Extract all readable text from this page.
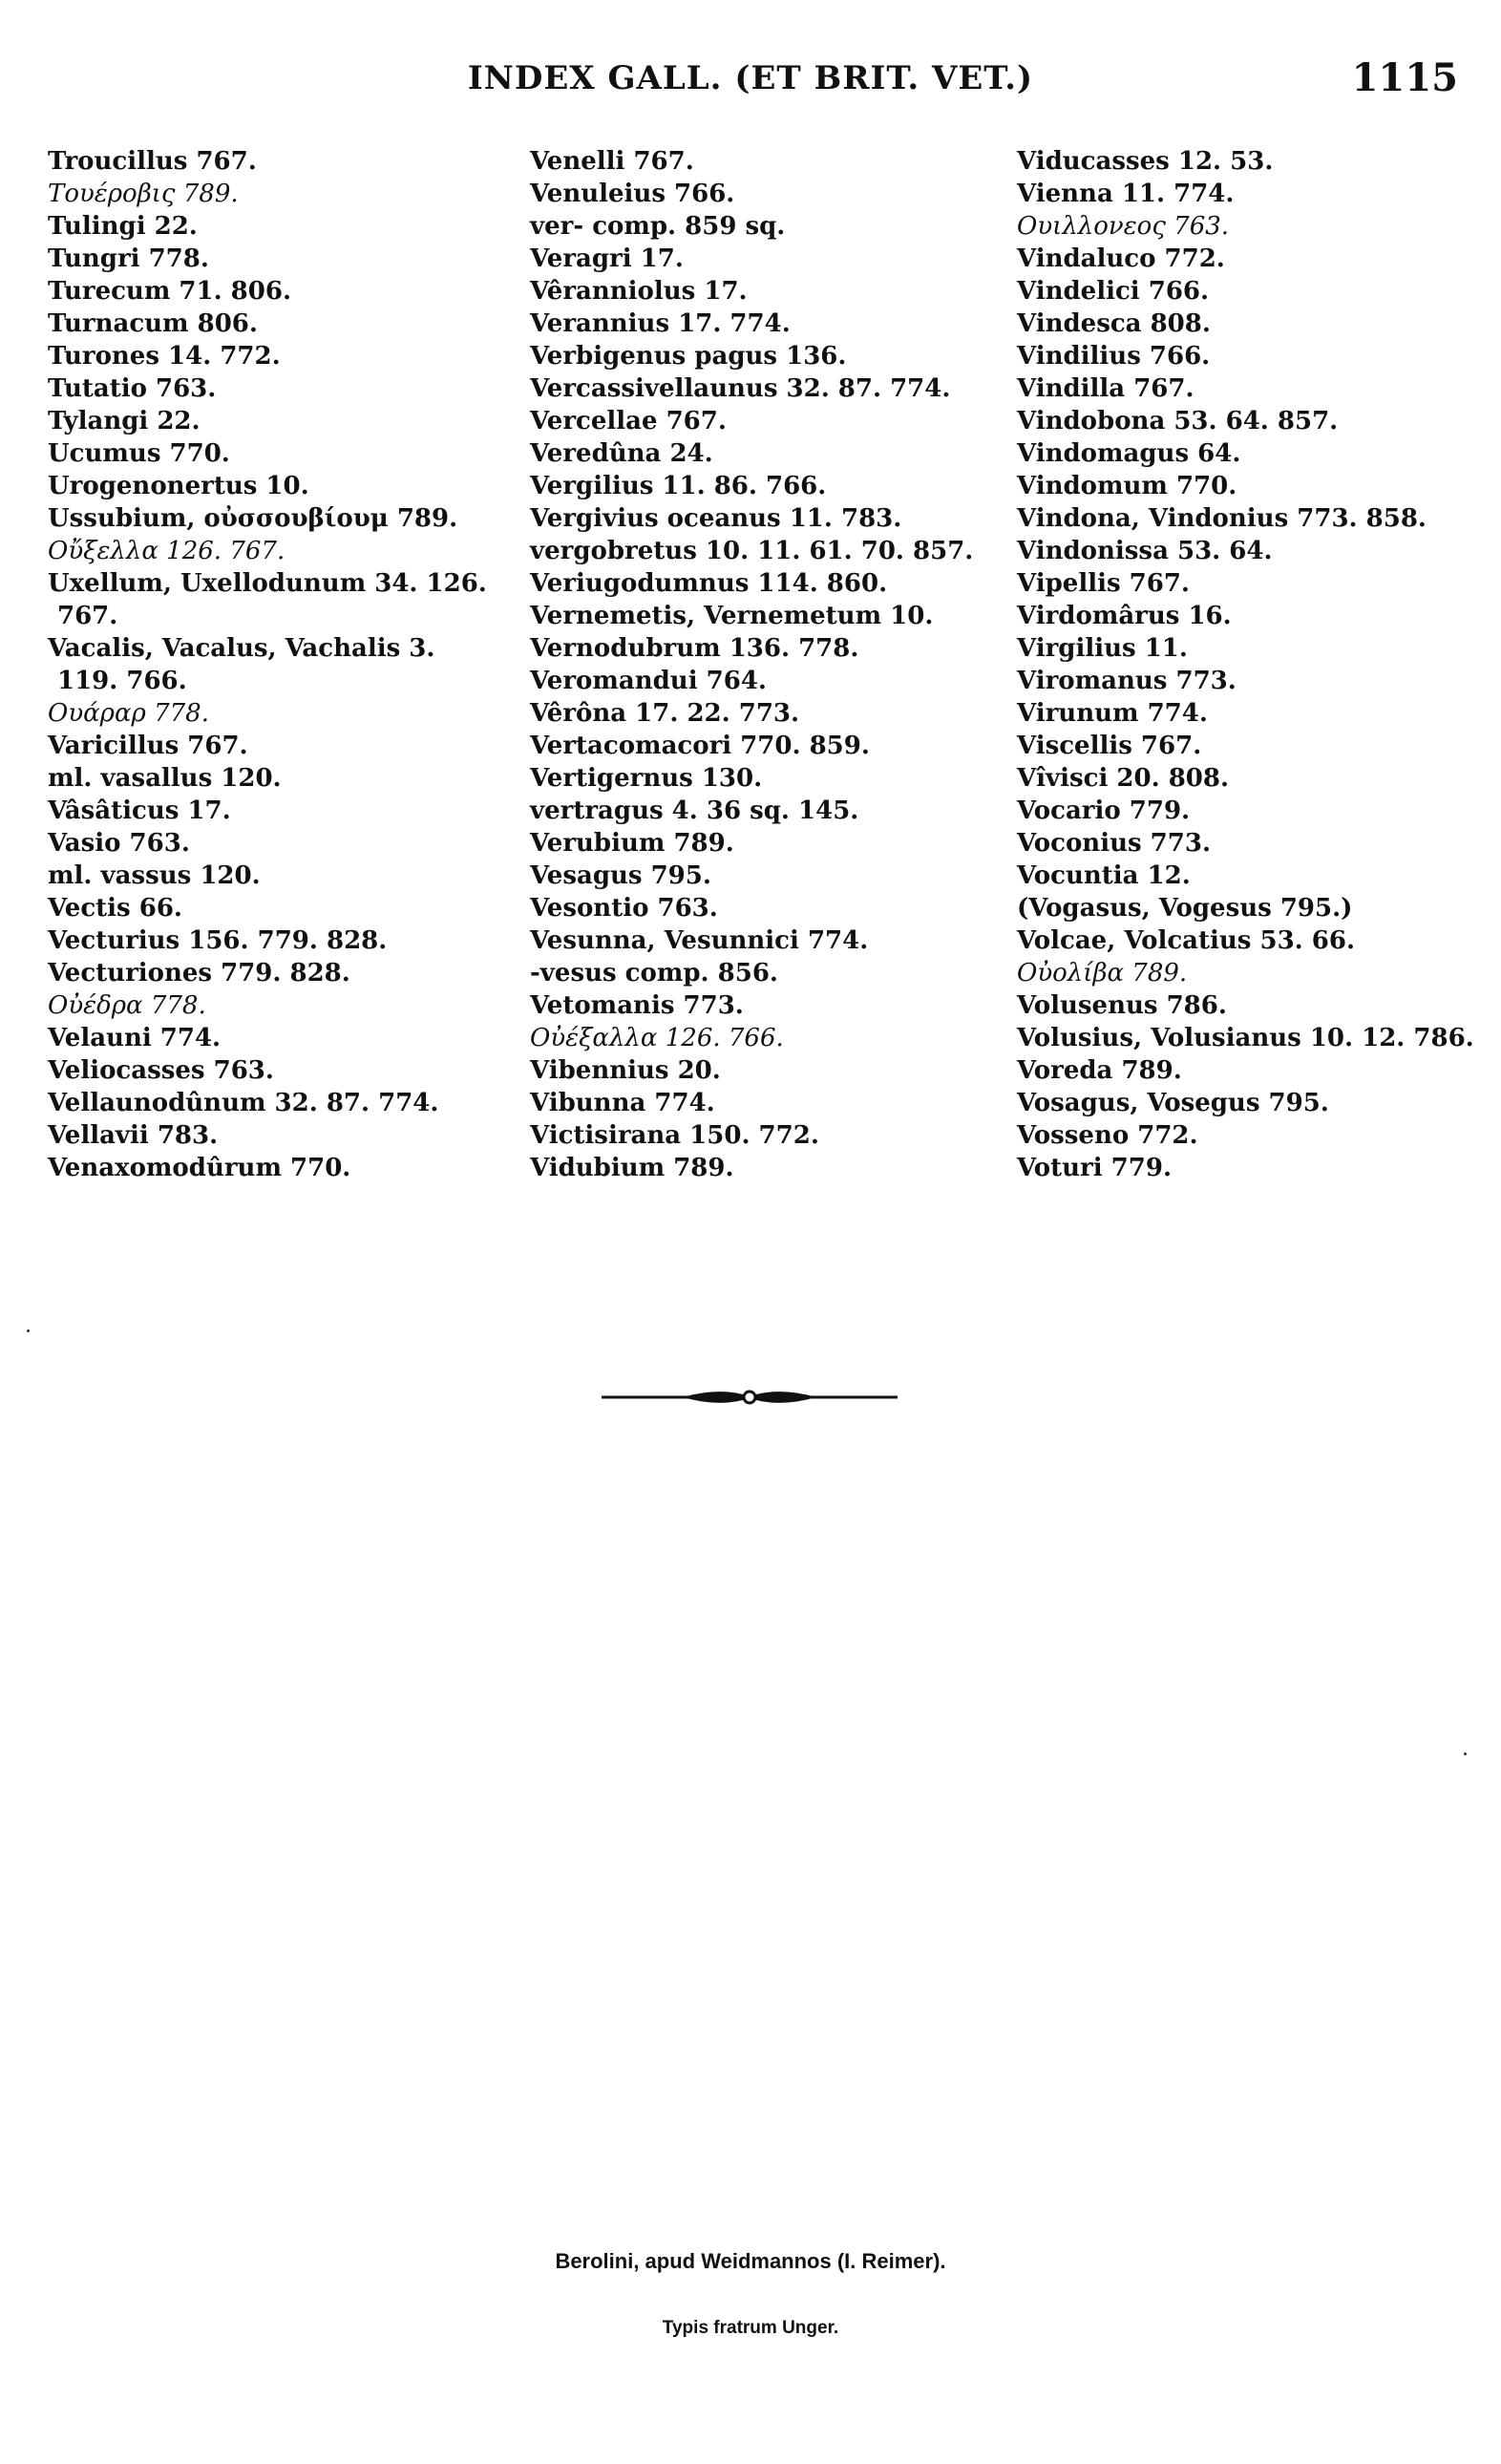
INDEX GALL. (ET BRIT. VET.)	1115
Troucillus 767.
Τουέροβις 789.
Tulingi 22.
Tungri 778.
Turecum 71. 806.
Turnacum 806.
Turones 14. 772.
Tutatio 763.
Tylangi 22.
Ucumus 770.
Urogenonertus 10.
Ussubium, οὐσσουβίουμ 789.
Οὔξελλα 126. 767.
Uxellum, Uxellodunum 34. 126.
767.
Vacalis, Vacalus, Vachalis 3.
119. 766.
Ουάραρ 778.
Varicillus 767.
ml. vasallus 120.
Vâsâticus 17.
Vasio 763.
ml. vassus 120.
Vectis 66.
Vecturius 156. 779. 828.
Vecturiones 779. 828.
Οὐέδρα 778.
Velauni 774.
Veliocasses 763.
Vellaunodûnum 32. 87. 774.
Vellavii 783.
Venaxomodûrum 770.
Venelli 767.
Venuleius 766.
ver- comp. 859 sq.
Veragri 17.
Vêranniolus 17.
Verannius 17. 774.
Verbigenus pagus 136.
Vercassivellaunus 32. 87. 774.
Vercellae 767.
Veredûna 24.
Vergilius 11. 86. 766.
Vergivius oceanus 11. 783.
vergobretus 10. 11. 61. 70. 857.
Veriugodumnus 114. 860.
Vernemetis, Vernemetum 10.
Vernodubrum 136. 778.
Veromandui 764.
Vêrôna 17. 22. 773.
Vertacomacori 770. 859.
Vertigernus 130.
vertragus 4. 36 sq. 145.
Verubium 789.
Vesagus 795.
Vesontio 763.
Vesunna, Vesunnici 774.
-vesus comp. 856.
Vetomanis 773.
Οὐέξαλλα 126. 766.
Vibennius 20.
Vibunna 774.
Victisirana 150. 772.
Vidubium 789.
Viducasses 12. 53.
Vienna 11. 774.
Ουιλλονεος 763.
Vindaluco 772.
Vindelici 766.
Vindesca 808.
Vindilius 766.
Vindilla 767.
Vindobona 53. 64. 857.
Vindomagus 64.
Vindomum 770.
Vindona, Vindonius 773. 858.
Vindonissa 53. 64.
Vipellis 767.
Virdomârus 16.
Virgilius 11.
Viromanus 773.
Virunum 774.
Viscellis 767.
Vîvisci 20. 808.
Vocario 779.
Voconius 773.
Vocuntia 12.
(Vogasus, Vogesus 795.)
Volcae, Volcatius 53. 66.
Οὐολίβα 789.
Volusenus 786.
Volusius, Volusianus 10. 12. 786.
Voreda 789.
Vosagus, Vosegus 795.
Vosseno 772.
Voturi 779.
Berolini, apud Weidmannos (I. Reimer).
Typis fratrum Unger.
